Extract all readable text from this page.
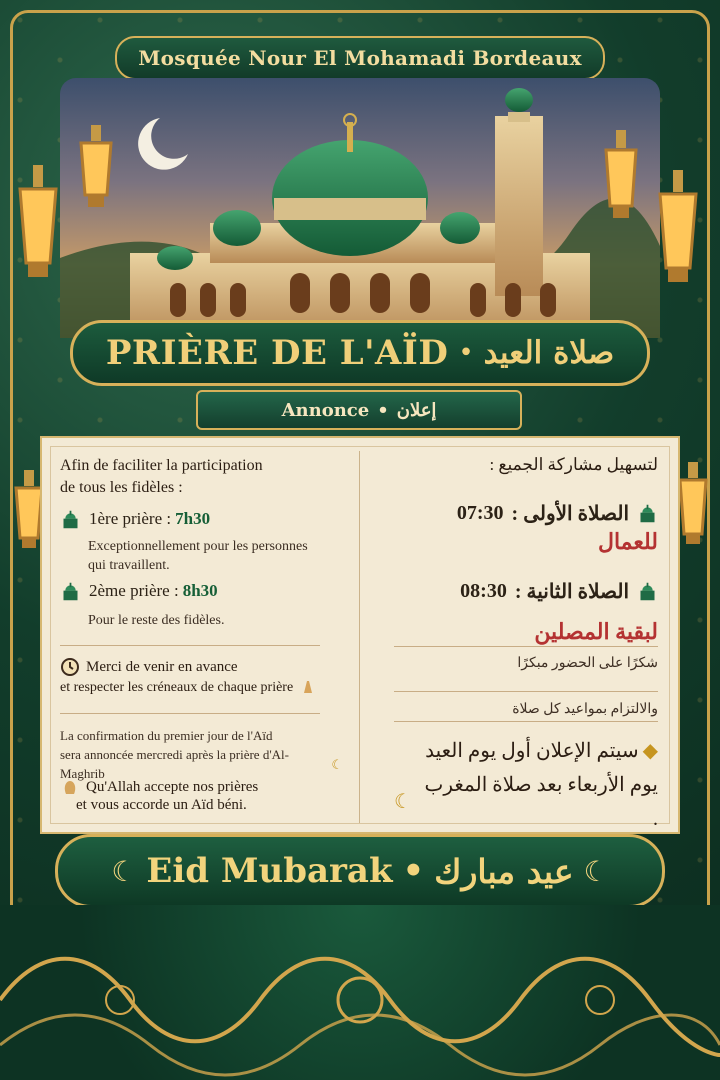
Mosquée Nour El Mohamadi Bordeaux
PRIÈRE DE L'AÏD • صلاة العيد
Annonce • إعلان
Afin de faciliter la participation
de tous les fidèles :
1ère prière : 7h30
Exceptionnellement pour les personnes
qui travaillent.
2ème prière : 8h30
Pour le reste des fidèles.
Merci de venir en avance
et respecter les créneaux de chaque prière
La confirmation du premier jour de l'Aïd
sera annoncée mercredi après la prière d'Al-Maghrib
☾
Qu'Allah accepte nos prières
et vous accorde un Aïd béni.
لتسهيل مشاركة الجميع :
الصلاة الأولى :
07:30
للعمال
الصلاة الثانية :
08:30
لبقية المصلين
شكرًا على الحضور مبكرًا
والالتزام بمواعيد كل صلاة
◆
سيتم الإعلان أول يوم العيد
يوم الأربعاء بعد صلاة المغرب .
☾
☾ Eid Mubarak • عيد مبارك ☾
